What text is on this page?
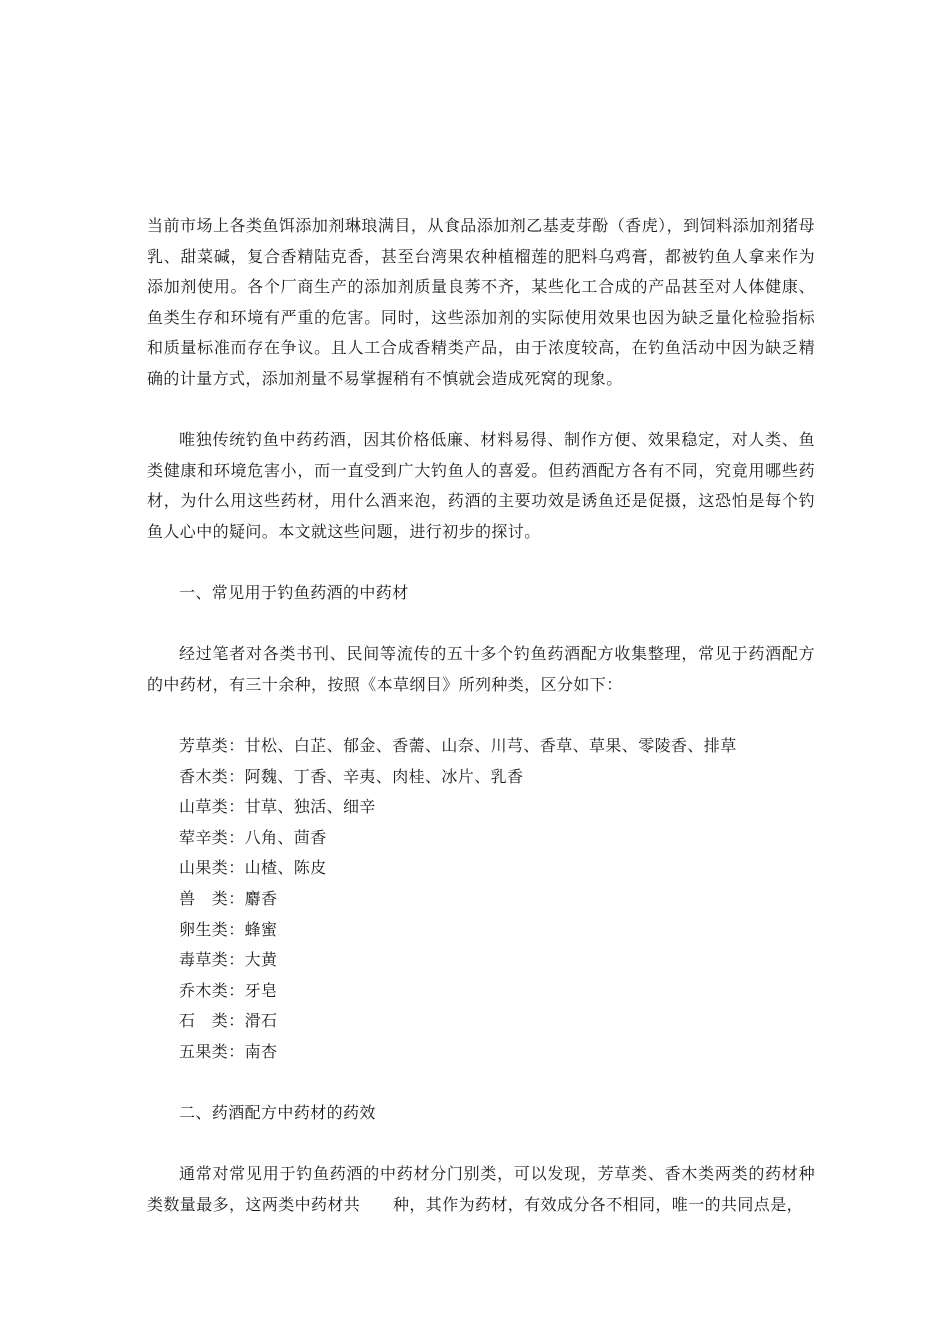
当前市场上各类鱼饵添加剂琳琅满目，从食品添加剂乙基麦芽酚（香虎），到饲料添加剂猪母乳、甜菜碱，复合香精陆克香，甚至台湾果农种植榴莲的肥料乌鸡膏，都被钓鱼人拿来作为添加剂使用。各个厂商生产的添加剂质量良莠不齐，某些化工合成的产品甚至对人体健康、鱼类生存和环境有严重的危害。同时，这些添加剂的实际使用效果也因为缺乏量化检验指标和质量标准而存在争议。且人工合成香精类产品，由于浓度较高，在钓鱼活动中因为缺乏精确的计量方式，添加剂量不易掌握稍有不慎就会造成死窝的现象。

唯独传统钓鱼中药药酒，因其价格低廉、材料易得、制作方便、效果稳定，对人类、鱼类健康和环境危害小，而一直受到广大钓鱼人的喜爱。但药酒配方各有不同，究竟用哪些药材，为什么用这些药材，用什么酒来泡，药酒的主要功效是诱鱼还是促摄，这恐怕是每个钓鱼人心中的疑问。本文就这些问题，进行初步的探讨。

一、常见用于钓鱼药酒的中药材

经过笔者对各类书刊、民间等流传的五十多个钓鱼药酒配方收集整理，常见于药酒配方的中药材，有三十余种，按照《本草纲目》所列种类，区分如下：

芳草类：甘松、白芷、郁金、香薷、山奈、川芎、香草、草果、零陵香、排草
香木类：阿魏、丁香、辛夷、肉桂、冰片、乳香
山草类：甘草、独活、细辛
荤辛类：八角、茴香
山果类：山楂、陈皮
兽　类：麝香
卵生类：蜂蜜
毒草类：大黄
乔木类：牙皂
石　类：滑石
五果类：南杏

二、药酒配方中药材的药效

通常对常见用于钓鱼药酒的中药材分门别类，可以发现，芳草类、香木类两类的药材种类数量最多，这两类中药材共　　种，其作为药材，有效成分各不相同，唯一的共同点是，
